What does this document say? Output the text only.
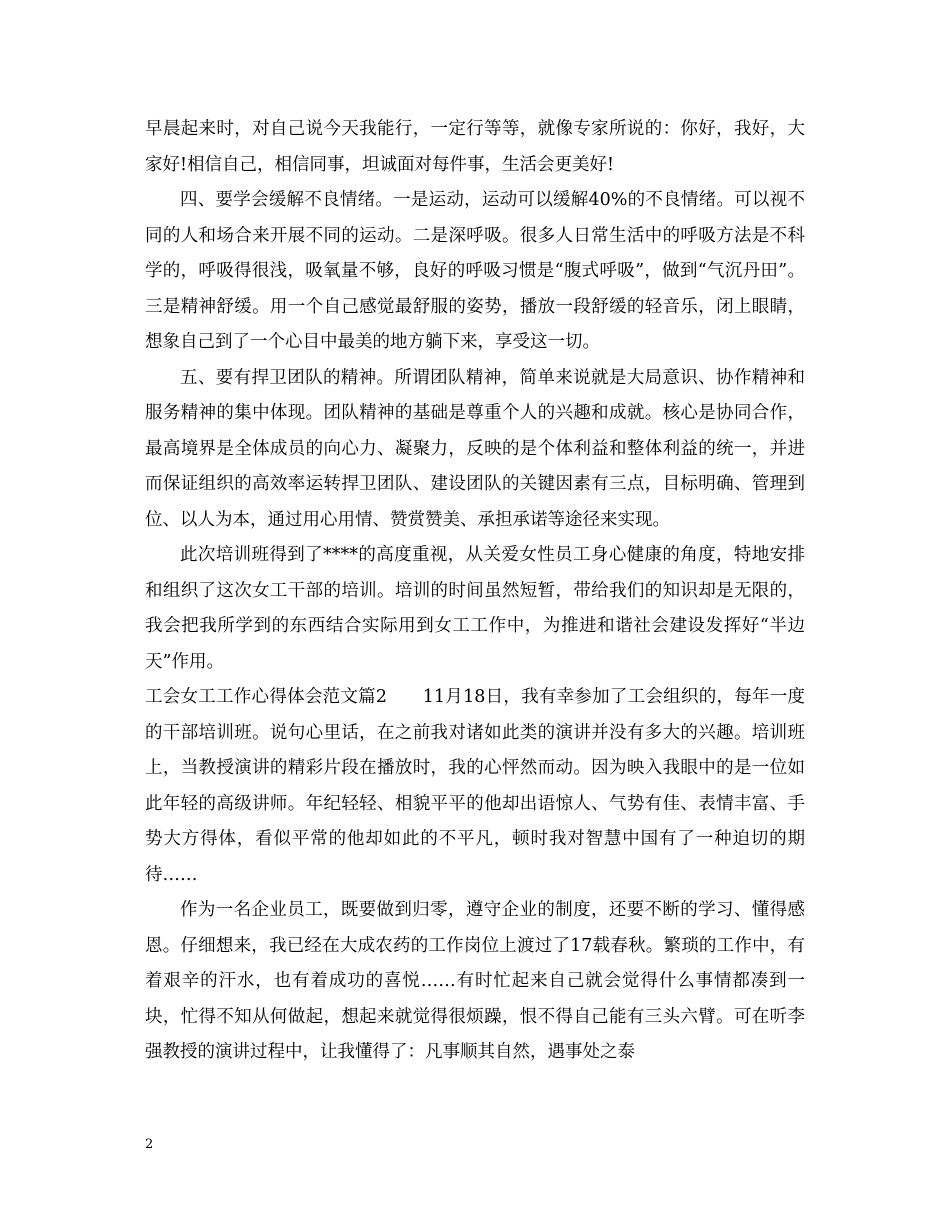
早晨起来时，对自己说今天我能行，一定行等等，就像专家所说的：你好，我好，大家好!相信自己，相信同事，坦诚面对每件事，生活会更美好!

四、要学会缓解不良情绪。一是运动，运动可以缓解40%的不良情绪。可以视不同的人和场合来开展不同的运动。二是深呼吸。很多人日常生活中的呼吸方法是不科学的，呼吸得很浅，吸氧量不够，良好的呼吸习惯是“腹式呼吸”，做到“气沉丹田”。三是精神舒缓。用一个自己感觉最舒服的姿势，播放一段舒缓的轻音乐，闭上眼睛，想象自己到了一个心目中最美的地方躺下来，享受这一切。

五、要有捍卫团队的精神。所谓团队精神，简单来说就是大局意识、协作精神和服务精神的集中体现。团队精神的基础是尊重个人的兴趣和成就。核心是协同合作，最高境界是全体成员的向心力、凝聚力，反映的是个体利益和整体利益的统一，并进而保证组织的高效率运转捍卫团队、建设团队的关键因素有三点，目标明确、管理到位、以人为本，通过用心用情、赞赏赞美、承担承诺等途径来实现。

此次培训班得到了****的高度重视，从关爱女性员工身心健康的角度，特地安排和组织了这次女工干部的培训。培训的时间虽然短暂，带给我们的知识却是无限的，我会把我所学到的东西结合实际用到女工工作中，为推进和谐社会建设发挥好“半边天”作用。

工会女工工作心得体会范文篇2　　11月18日，我有幸参加了工会组织的，每年一度的干部培训班。说句心里话，在之前我对诸如此类的演讲并没有多大的兴趣。培训班上，当教授演讲的精彩片段在播放时，我的心怦然而动。因为映入我眼中的是一位如此年轻的高级讲师。年纪轻轻、相貌平平的他却出语惊人、气势有佳、表情丰富、手势大方得体，看似平常的他却如此的不平凡，顿时我对智慧中国有了一种迫切的期待……

作为一名企业员工，既要做到归零，遵守企业的制度，还要不断的学习、懂得感恩。仔细想来，我已经在大成农药的工作岗位上渡过了17载春秋。繁琐的工作中，有着艰辛的汗水，也有着成功的喜悦……有时忙起来自己就会觉得什么事情都凑到一块，忙得不知从何做起，想起来就觉得很烦躁，恨不得自己能有三头六臂。可在听李强教授的演讲过程中，让我懂得了：凡事顺其自然，遇事处之泰

2
